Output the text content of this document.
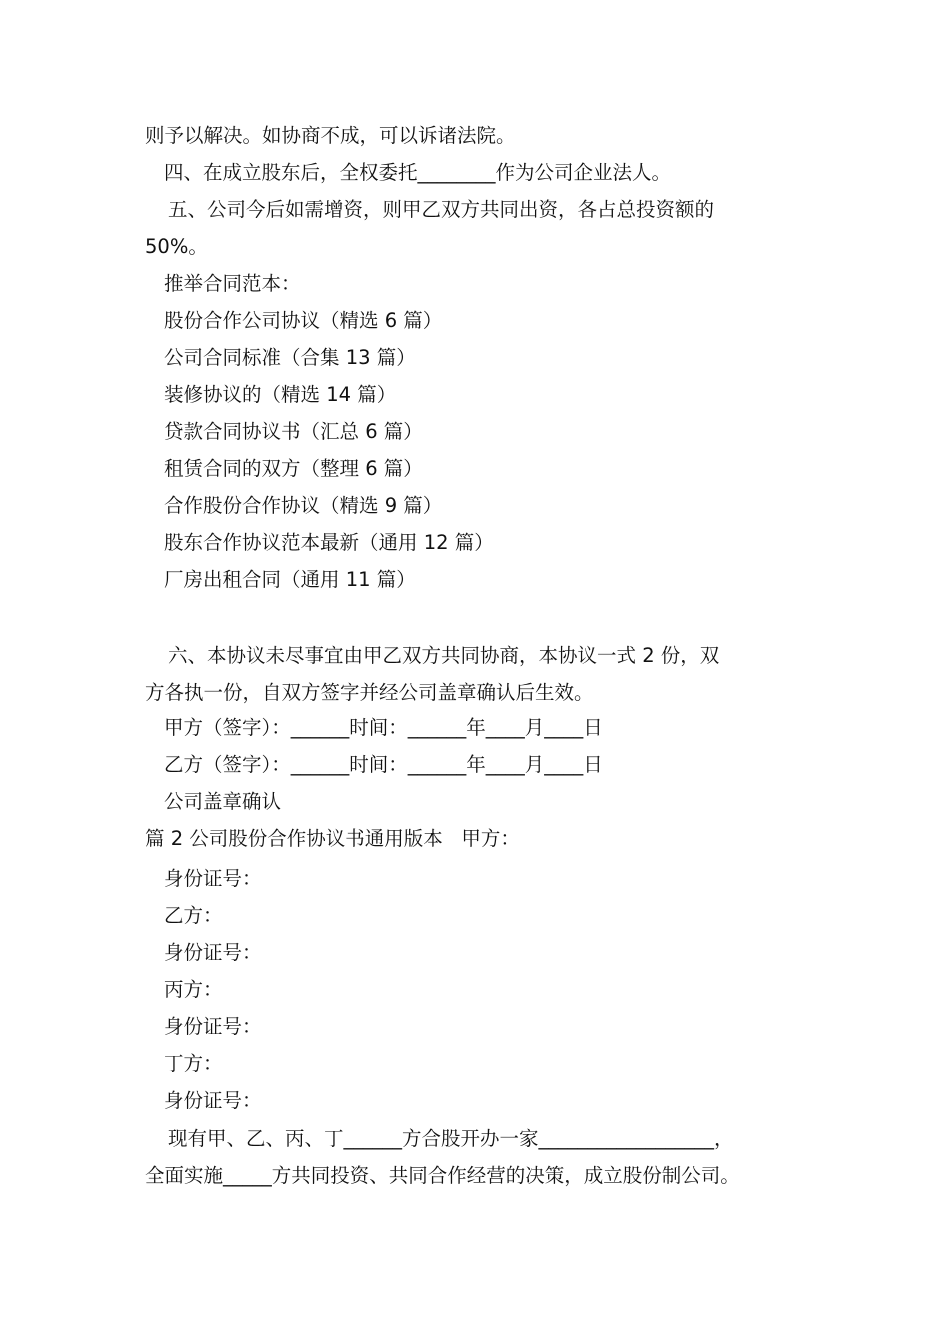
则予以解决。如协商不成，可以诉诸法院。
四、在成立股东后，全权委托________作为公司企业法人。
五、公司今后如需增资，则甲乙双方共同出资，各占总投资额的
50%。
推举合同范本：
股份合作公司协议（精选 6 篇）
公司合同标准（合集 13 篇）
装修协议的（精选 14 篇）
贷款合同协议书（汇总 6 篇）
租赁合同的双方（整理 6 篇）
合作股份合作协议（精选 9 篇）
股东合作协议范本最新（通用 12 篇）
厂房出租合同（通用 11 篇）
六、本协议未尽事宜由甲乙双方共同协商，本协议一式 2 份，双
方各执一份，自双方签字并经公司盖章确认后生效。
甲方（签字）：______时间：______年____月____日
乙方（签字）：______时间：______年____月____日
公司盖章确认
篇 2 公司股份合作协议书通用版本   甲方：
身份证号：
乙方：
身份证号：
丙方：
身份证号：
丁方：
身份证号：
现有甲、乙、丙、丁______方合股开办一家__________________，
全面实施_____方共同投资、共同合作经营的决策，成立股份制公司。
